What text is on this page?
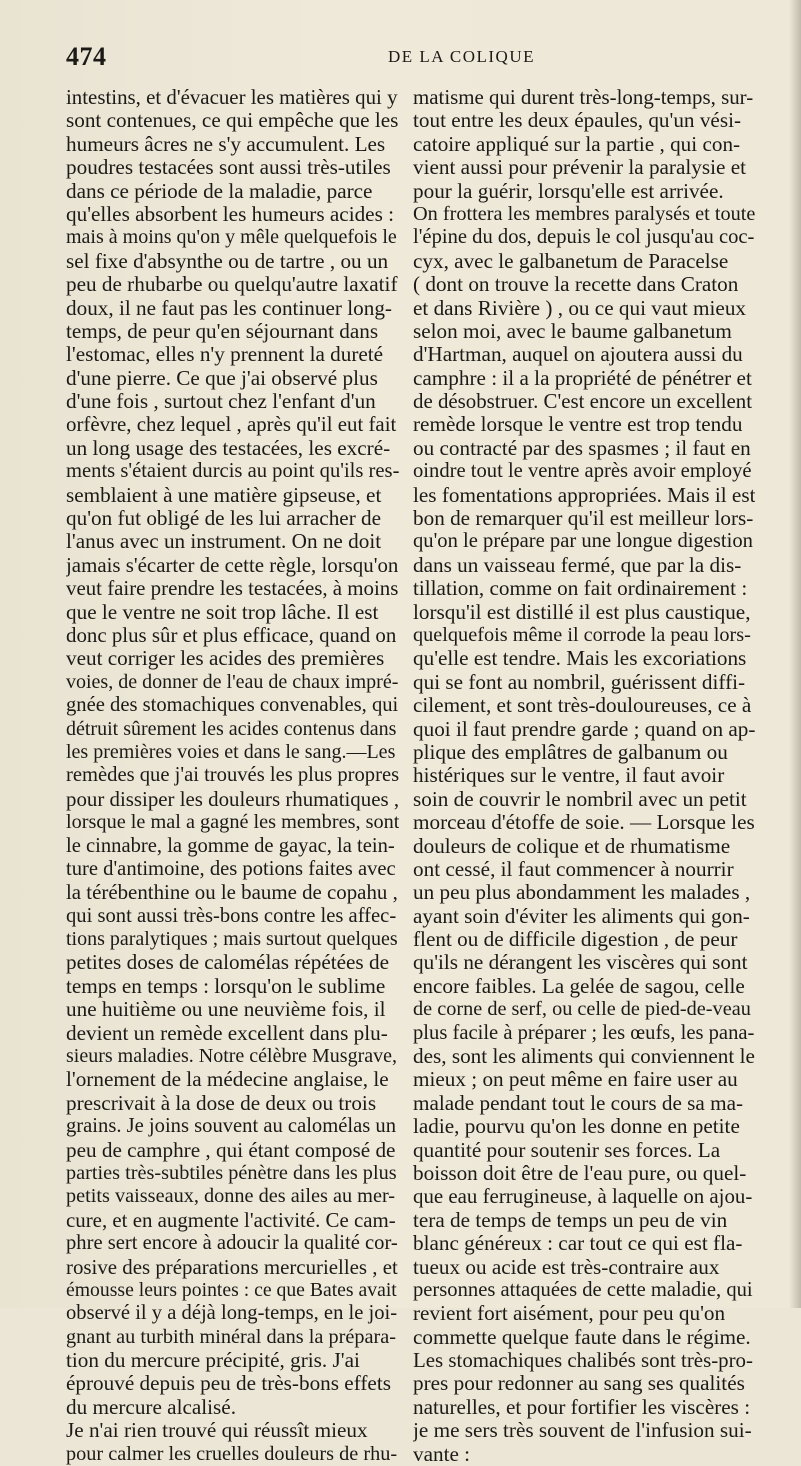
474	DE LA COLIQUE
intestins, et d'évacuer les matières qui y
sont contenues, ce qui empêche que les
humeurs âcres ne s'y accumulent. Les
poudres testacées sont aussi très-utiles
dans ce période de la maladie, parce
qu'elles absorbent les humeurs acides :
mais à moins qu'on y mêle quelquefois le
sel fixe d'absynthe ou de tartre , ou un
peu de rhubarbe ou quelqu'autre laxatif
doux, il ne faut pas les continuer long-
temps, de peur qu'en séjournant dans
l'estomac, elles n'y prennent la dureté
d'une pierre. Ce que j'ai observé plus
d'une fois , surtout chez l'enfant d'un
orfèvre, chez lequel , après qu'il eut fait
un long usage des testacées, les excré-
ments s'étaient durcis au point qu'ils res-
semblaient à une matière gipseuse, et
qu'on fut obligé de les lui arracher de
l'anus avec un instrument. On ne doit
jamais s'écarter de cette règle, lorsqu'on
veut faire prendre les testacées, à moins
que le ventre ne soit trop lâche. Il est
donc plus sûr et plus efficace, quand on
veut corriger les acides des premières
voies, de donner de l'eau de chaux impré-
gnée des stomachiques convenables, qui
détruit sûrement les acides contenus dans
les premières voies et dans le sang.—Les
remèdes que j'ai trouvés les plus propres
pour dissiper les douleurs rhumatiques ,
lorsque le mal a gagné les membres, sont
le cinnabre, la gomme de gayac, la tein-
ture d'antimoine, des potions faites avec
la térébenthine ou le baume de copahu ,
qui sont aussi très-bons contre les affec-
tions paralytiques ; mais surtout quelques
petites doses de calomélas répétées de
temps en temps : lorsqu'on le sublime
une huitième ou une neuvième fois, il
devient un remède excellent dans plu-
sieurs maladies. Notre célèbre Musgrave,
l'ornement de la médecine anglaise, le
prescrivait à la dose de deux ou trois
grains. Je joins souvent au calomélas un
peu de camphre , qui étant composé de
parties très-subtiles pénètre dans les plus
petits vaisseaux, donne des ailes au mer-
cure, et en augmente l'activité. Ce cam-
phre sert encore à adoucir la qualité cor-
rosive des préparations mercurielles , et
émousse leurs pointes : ce que Bates avait
observé il y a déjà long-temps, en le joi-
gnant au turbith minéral dans la prépara-
tion du mercure précipité, gris. J'ai
éprouvé depuis peu de très-bons effets
du mercure alcalisé.
Je n'ai rien trouvé qui réussît mieux
pour calmer les cruelles douleurs de rhu-
matisme qui durent très-long-temps, sur-
tout entre les deux épaules, qu'un vési-
catoire appliqué sur la partie , qui con-
vient aussi pour prévenir la paralysie et
pour la guérir, lorsqu'elle est arrivée.
On frottera les membres paralysés et toute
l'épine du dos, depuis le col jusqu'au coc-
cyx, avec le galbanetum de Paracelse
( dont on trouve la recette dans Craton
et dans Rivière ) , ou ce qui vaut mieux
selon moi, avec le baume galbanetum
d'Hartman, auquel on ajoutera aussi du
camphre : il a la propriété de pénétrer et
de désobstruer. C'est encore un excellent
remède lorsque le ventre est trop tendu
ou contracté par des spasmes ; il faut en
oindre tout le ventre après avoir employé
les fomentations appropriées. Mais il est
bon de remarquer qu'il est meilleur lors-
qu'on le prépare par une longue digestion
dans un vaisseau fermé, que par la dis-
tillation, comme on fait ordinairement :
lorsqu'il est distillé il est plus caustique,
quelquefois même il corrode la peau lors-
qu'elle est tendre. Mais les excoriations
qui se font au nombril, guérissent diffi-
cilement, et sont très-douloureuses, ce à
quoi il faut prendre garde ; quand on ap-
plique des emplâtres de galbanum ou
histériques sur le ventre, il faut avoir
soin de couvrir le nombril avec un petit
morceau d'étoffe de soie. — Lorsque les
douleurs de colique et de rhumatisme
ont cessé, il faut commencer à nourrir
un peu plus abondamment les malades ,
ayant soin d'éviter les aliments qui gon-
flent ou de difficile digestion , de peur
qu'ils ne dérangent les viscères qui sont
encore faibles. La gelée de sagou, celle
de corne de serf, ou celle de pied-de-veau
plus facile à préparer ; les œufs, les pana-
des, sont les aliments qui conviennent le
mieux ; on peut même en faire user au
malade pendant tout le cours de sa ma-
ladie, pourvu qu'on les donne en petite
quantité pour soutenir ses forces. La
boisson doit être de l'eau pure, ou quel-
que eau ferrugineuse, à laquelle on ajou-
tera de temps de temps un peu de vin
blanc généreux : car tout ce qui est fla-
tueux ou acide est très-contraire aux
personnes attaquées de cette maladie, qui
revient fort aisément, pour peu qu'on
commette quelque faute dans le régime.
Les stomachiques chalibés sont très-pro-
pres pour redonner au sang ses qualités
naturelles, et pour fortifier les viscères :
je me sers très souvent de l'infusion sui-
vante :
